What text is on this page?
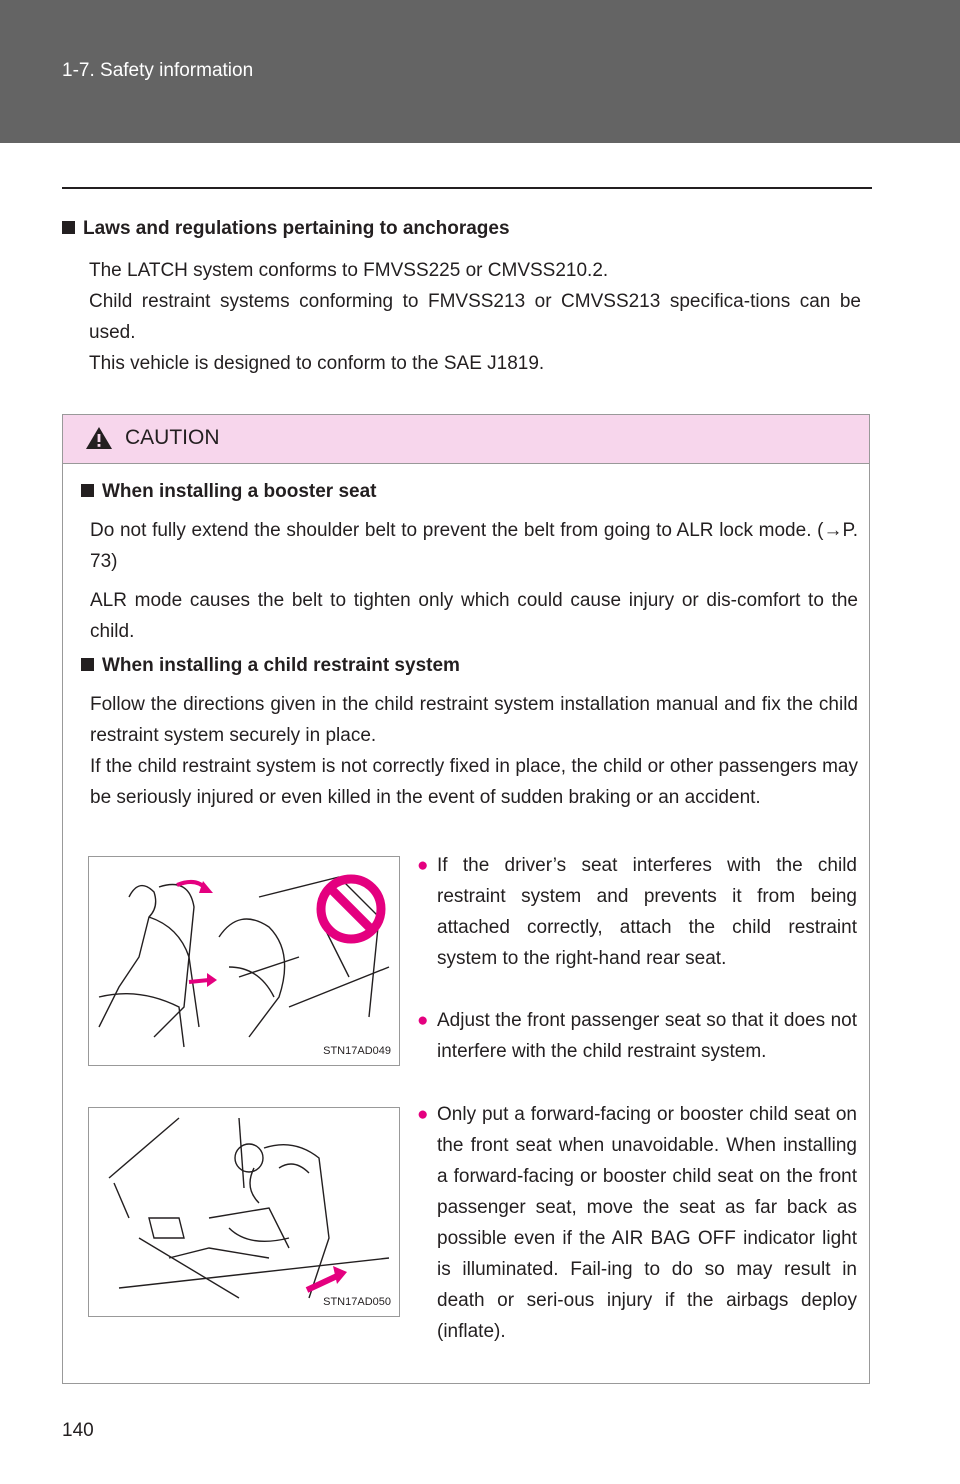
1-7. Safety information
Laws and regulations pertaining to anchorages

The LATCH system conforms to FMVSS225 or CMVSS210.2.

Child restraint systems conforming to FMVSS213 or CMVSS213 specifica-tions can be used.

This vehicle is designed to conform to the SAE J1819.

CAUTION
When installing a booster seat

Do not fully extend the shoulder belt to prevent the belt from going to ALR lock mode. (→P. 73)

ALR mode causes the belt to tighten only which could cause injury or dis-comfort to the child.

When installing a child restraint system

Follow the directions given in the child restraint system installation manual and fix the child restraint system securely in place.

If the child restraint system is not correctly fixed in place, the child or other passengers may be seriously injured or even killed in the event of sudden braking or an accident.

STN17AD049
STN17AD050
● If the driver’s seat interferes with the child restraint system and prevents it from being attached correctly, attach the child restraint system to the right-hand rear seat.

● Adjust the front passenger seat so that it does not interfere with the child restraint system.

● Only put a forward-facing or booster child seat on the front seat when unavoidable. When installing a forward-facing or booster child seat on the front passenger seat, move the seat as far back as possible even if the AIR BAG OFF indicator light is illuminated. Fail-ing to do so may result in death or seri-ous injury if the airbags deploy (inflate).

140
